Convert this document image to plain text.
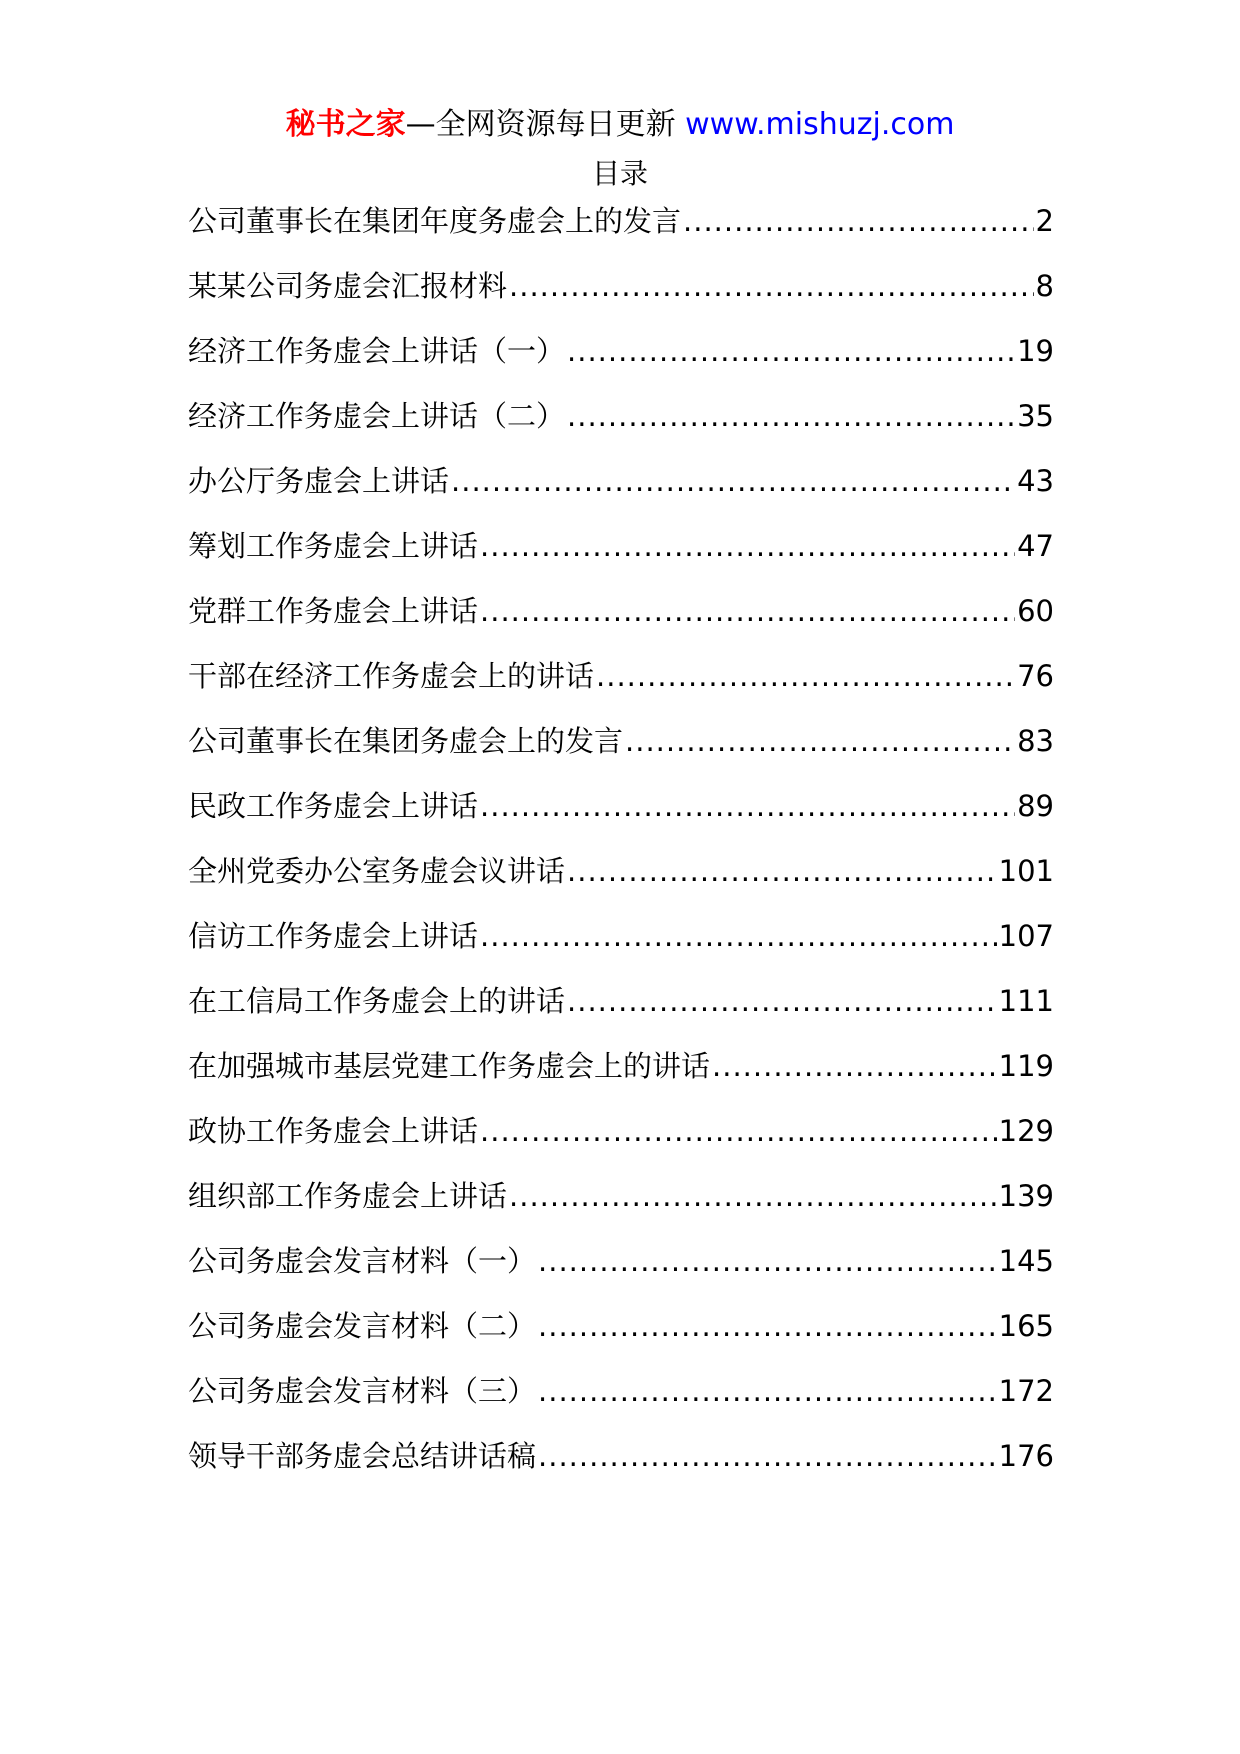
秘书之家—全网资源每日更新 www.mishuzj.com
目录
公司董事长在集团年度务虚会上的发言 .....	2
某某公司务虚会汇报材料 .....	8
经济工作务虚会上讲话（一） .....	19
经济工作务虚会上讲话（二） .....	35
办公厅务虚会上讲话 .....	43
筹划工作务虚会上讲话 .....	47
党群工作务虚会上讲话 .....	60
干部在经济工作务虚会上的讲话 .....	76
公司董事长在集团务虚会上的发言 .....	83
民政工作务虚会上讲话 .....	89
全州党委办公室务虚会议讲话 .....	101
信访工作务虚会上讲话 .....	107
在工信局工作务虚会上的讲话 .....	111
在加强城市基层党建工作务虚会上的讲话 .....	119
政协工作务虚会上讲话 .....	129
组织部工作务虚会上讲话 .....	139
公司务虚会发言材料（一） .....	145
公司务虚会发言材料（二） .....	165
公司务虚会发言材料（三） .....	172
领导干部务虚会总结讲话稿 .....	176
